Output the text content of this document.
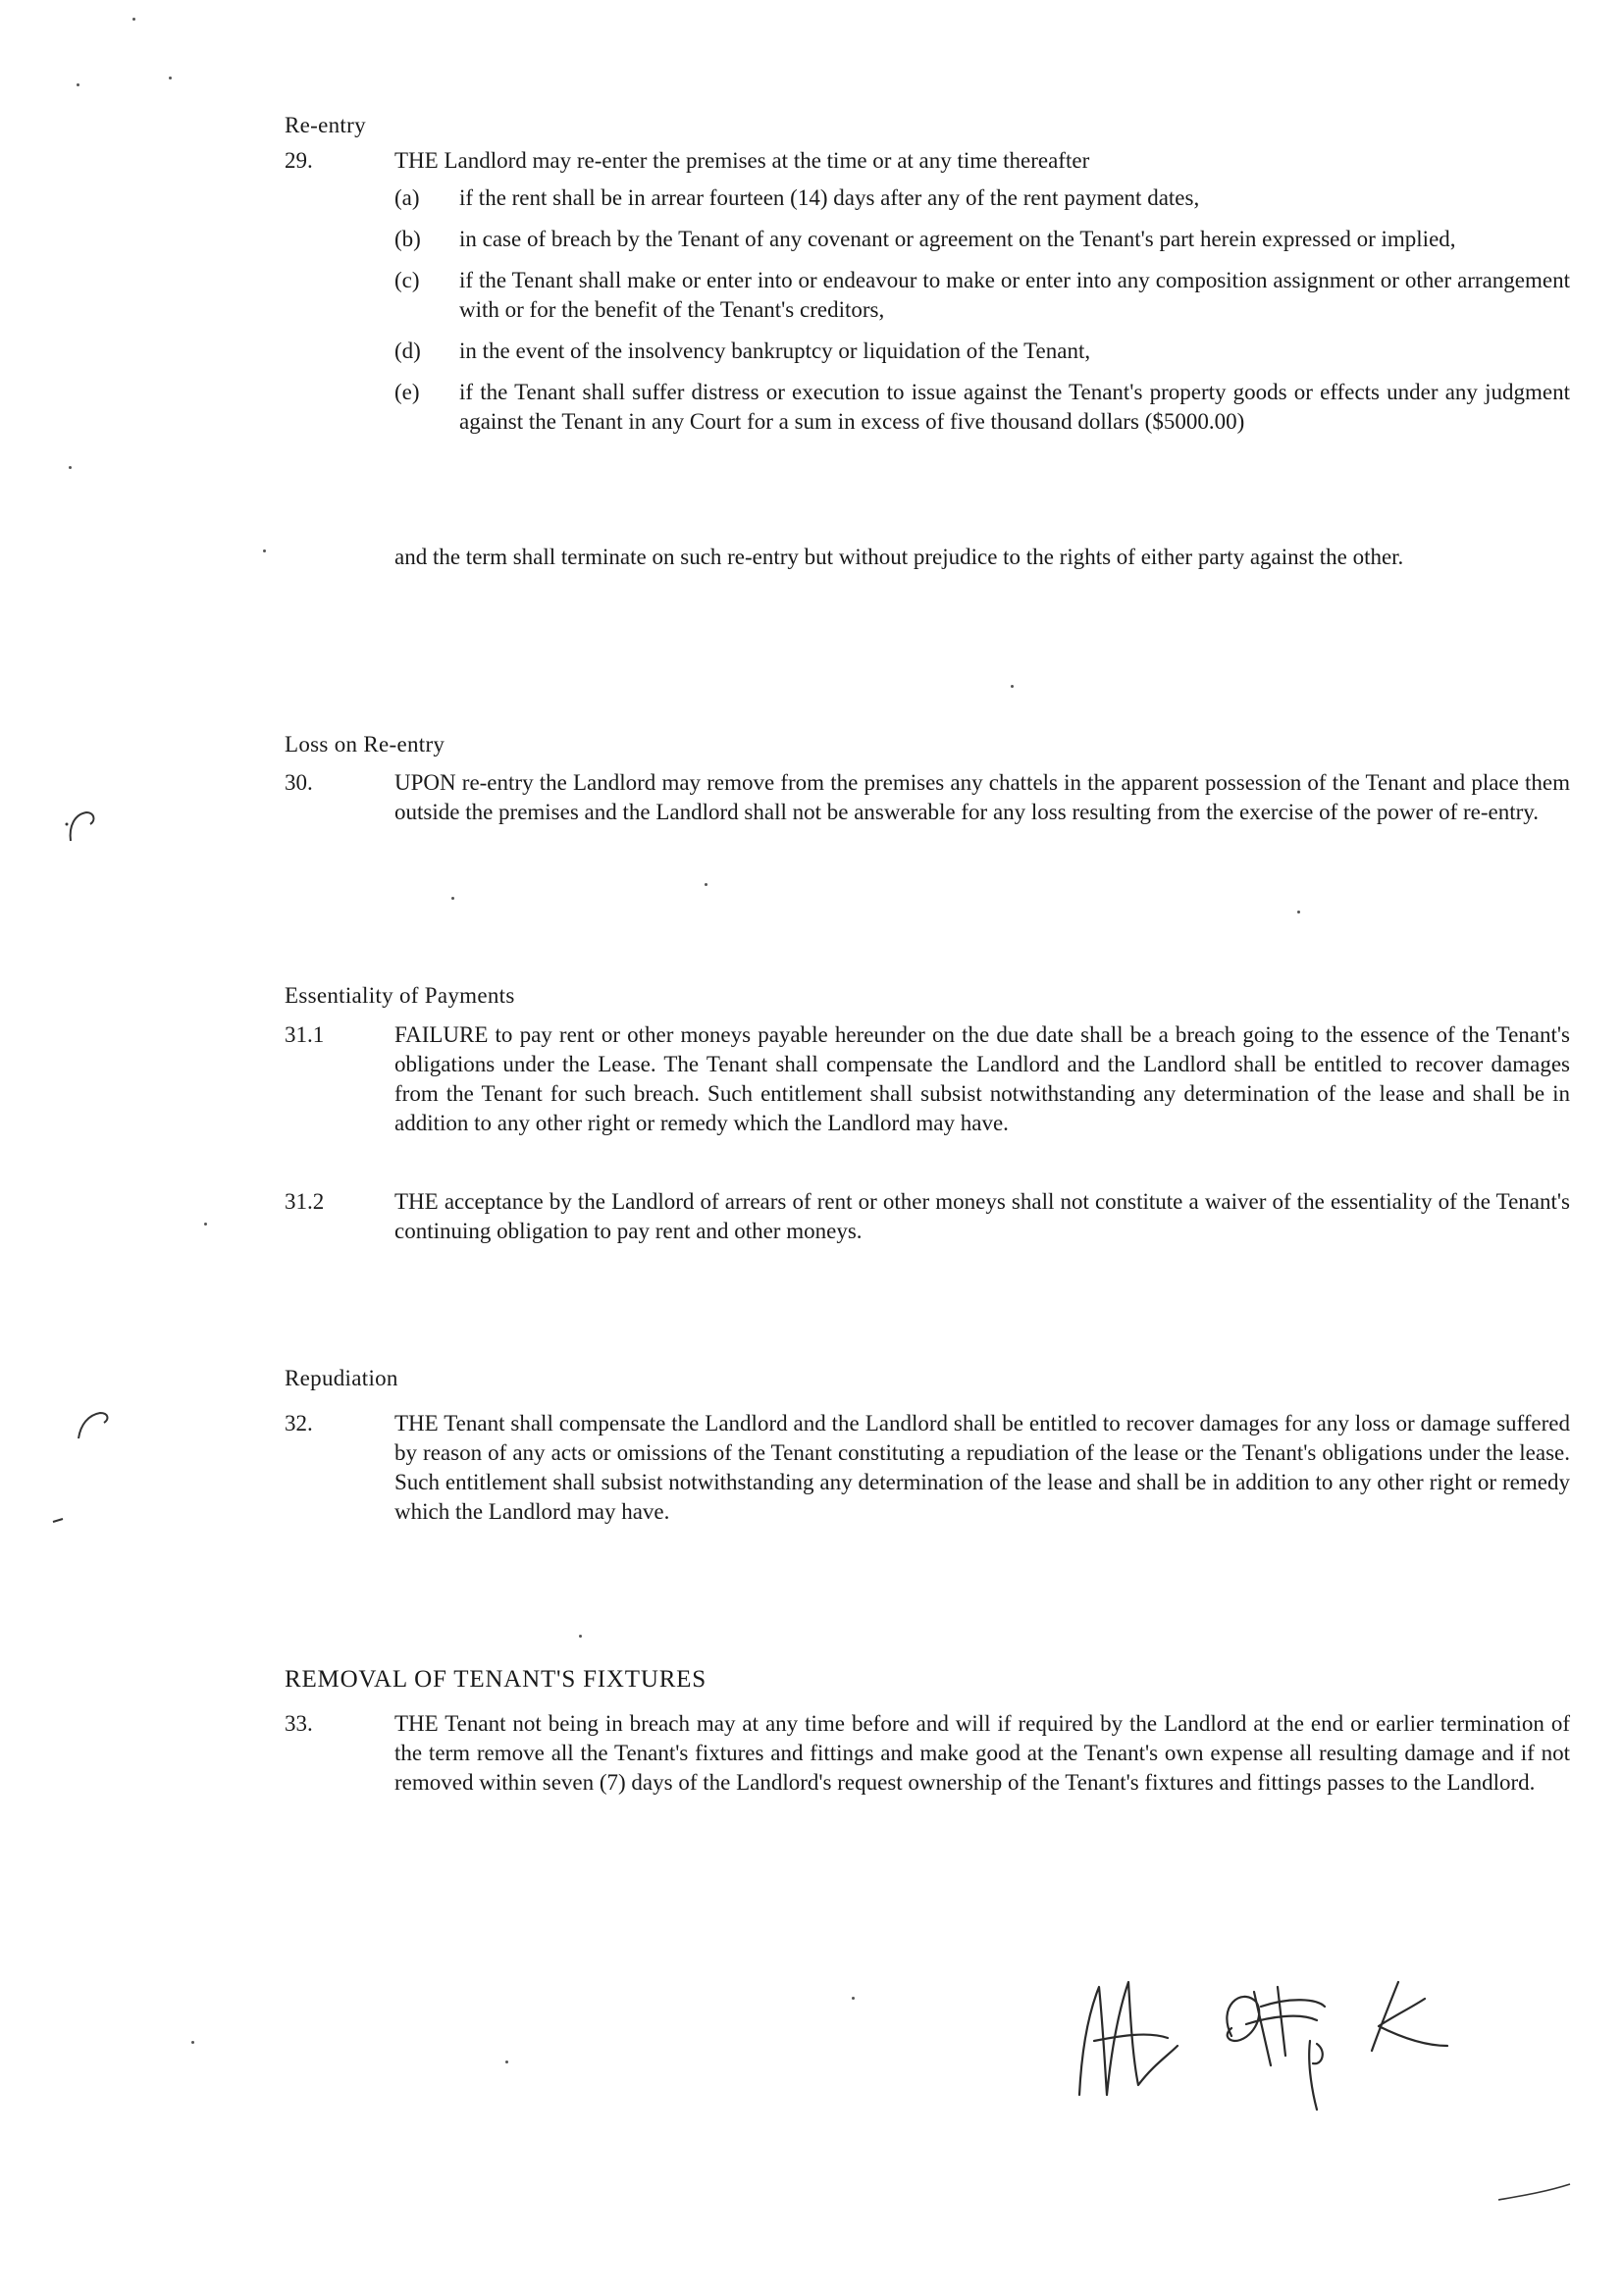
Re-entry
29.	THE Landlord may re-enter the premises at the time or at any time thereafter
(a) if the rent shall be in arrear fourteen (14) days after any of the rent payment dates,
(b) in case of breach by the Tenant of any covenant or agreement on the Tenant's part herein expressed or implied,
(c) if the Tenant shall make or enter into or endeavour to make or enter into any composition assignment or other arrangement with or for the benefit of the Tenant's creditors,
(d) in the event of the insolvency bankruptcy or liquidation of the Tenant,
(e) if the Tenant shall suffer distress or execution to issue against the Tenant's property goods or effects under any judgment against the Tenant in any Court for a sum in excess of five thousand dollars ($5000.00)
and the term shall terminate on such re-entry but without prejudice to the rights of either party against the other.
Loss on Re-entry
30.	UPON re-entry the Landlord may remove from the premises any chattels in the apparent possession of the Tenant and place them outside the premises and the Landlord shall not be answerable for any loss resulting from the exercise of the power of re-entry.
Essentiality of Payments
31.1	FAILURE to pay rent or other moneys payable hereunder on the due date shall be a breach going to the essence of the Tenant's obligations under the Lease. The Tenant shall compensate the Landlord and the Landlord shall be entitled to recover damages from the Tenant for such breach. Such entitlement shall subsist notwithstanding any determination of the lease and shall be in addition to any other right or remedy which the Landlord may have.
31.2	THE acceptance by the Landlord of arrears of rent or other moneys shall not constitute a waiver of the essentiality of the Tenant's continuing obligation to pay rent and other moneys.
Repudiation
32.	THE Tenant shall compensate the Landlord and the Landlord shall be entitled to recover damages for any loss or damage suffered by reason of any acts or omissions of the Tenant constituting a repudiation of the lease or the Tenant's obligations under the lease. Such entitlement shall subsist notwithstanding any determination of the lease and shall be in addition to any other right or remedy which the Landlord may have.
REMOVAL OF TENANT'S FIXTURES
33.	THE Tenant not being in breach may at any time before and will if required by the Landlord at the end or earlier termination of the term remove all the Tenant's fixtures and fittings and make good at the Tenant's own expense all resulting damage and if not removed within seven (7) days of the Landlord's request ownership of the Tenant's fixtures and fittings passes to the Landlord.
